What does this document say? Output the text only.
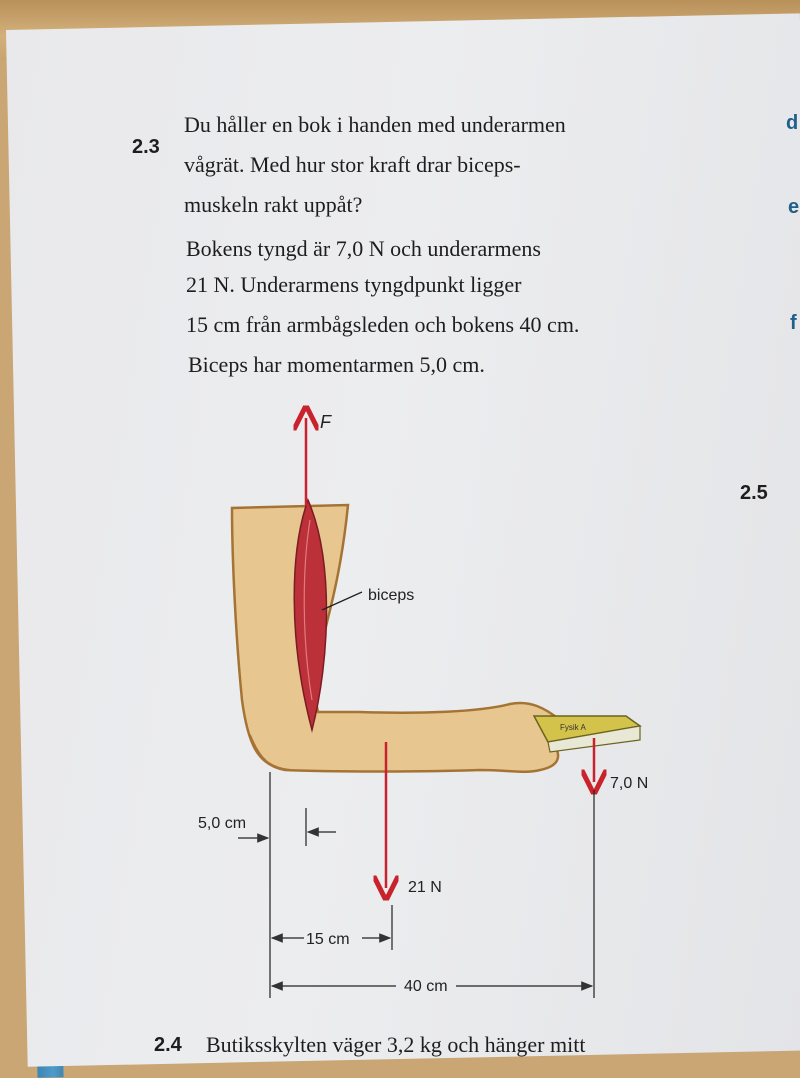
2.3
Du håller en bok i handen med underarmen
vågrät. Med hur stor kraft drar biceps-
muskeln rakt uppåt?
Bokens tyngd är 7,0 N och underarmens
21 N. Underarmens tyngdpunkt ligger
15 cm från armbågsleden och bokens 40 cm.
Biceps har momentarmen 5,0 cm.
d
e
f
2.5
Fysik A
F
biceps
21 N
7,0 N
5,0 cm
15 cm
40 cm
2.4 Butiksskylten väger 3,2 kg och hänger mitt
